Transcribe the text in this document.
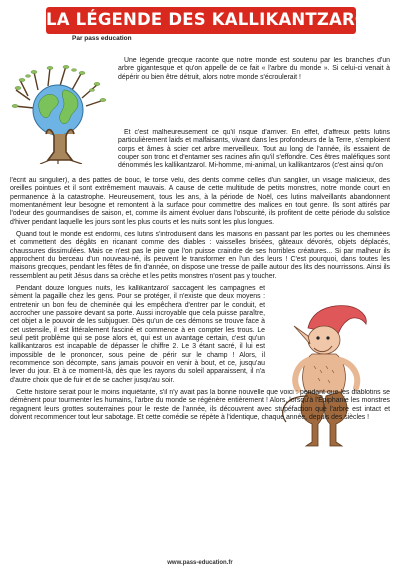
LA LÉGENDE DES KALLIKANTZAROÏ
Par pass education

Une légende grecque raconte que notre monde est soutenu par les branches d'un arbre gigantesque et qu'on appelle de ce fait « l'arbre du monde ». Si celui-ci venait à dépérir ou bien être détruit, alors notre monde s'écroulerait !

Et c'est malheureusement ce qu'il risque d'arriver. En effet, d'affreux petits lutins particulièrement laids et malfaisants, vivant dans les profondeurs de la Terre, s'emploient corps et âmes à scier cet arbre merveilleux. Tout au long de l'année, ils essaient de couper son tronc et d'entamer ses racines afin qu'il s'effondre. Ces êtres maléfiques sont dénommés les kallikantzaroï. Mi-homme, mi-animal, un kallikantzaros (c'est ainsi qu'on

l'écrit au singulier), a des pattes de bouc, le torse velu, des dents comme celles d'un sanglier, un visage malicieux, des oreilles pointues et il sont extrêmement mauvais. A cause de cette multitude de petits monstres, notre monde court en permanence à la catastrophe. Heureusement, tous les ans, à la période de Noël, ces lutins malveillants abandonnent momentanément leur besogne et remontent à la surface pour commettre des malices en tout genre. Ils sont attirés par l'odeur des gourmandises de saison, et, comme ils aiment évoluer dans l'obscurité, ils profitent de cette période du solstice d'hiver pendant laquelle les jours sont les plus courts et les nuits sont les plus longues.

www.pass-education.fr

Quand tout le monde est endormi, ces lutins s'introduisent dans les maisons en passant par les portes ou les cheminées et commettent des dégâts en ricanant comme des diables : vaisselles brisées, gâteaux dévorés, objets déplacés, chaussures dissimulées. Mais ce n'est pas le pire que l'on puisse craindre de ses horribles créatures... Si par malheur ils approchent du berceau d'un nouveau-né, ils peuvent le transformer en l'un des leurs ! C'est pourquoi, dans toutes les maisons grecques, pendant les fêtes de fin d'année, on dispose une tresse de paille autour des lits des nourrissons. Ainsi ils ressemblent au petit Jésus dans sa crèche et les petits monstres n'osent pas y toucher.

Pendant douze longues nuits, les kallikantzaroï saccagent les campagnes et sèment la pagaille chez les gens. Pour se protéger, il n'existe que deux moyens : entretenir un bon feu de cheminée qui les empêchera d'entrer par le conduit, et accrocher une passoire devant sa porte. Aussi incroyable que cela puisse paraître, cet objet a le pouvoir de les subjuguer. Dès qu'un de ces démons se trouve face à cet ustensile, il est littéralement fasciné et commence à en compter les trous. Le seul petit problème qui se pose alors et, qui est un avantage certain, c'est qu'un kallikantzaros est incapable de dépasser le chiffre 2. Le 3 étant sacré, il lui est impossible de le prononcer, sous peine de périr sur le champ ! Alors, il recommence son décompte, sans jamais pouvoir en venir à bout, et ce, jusqu'au lever du jour. Et à ce moment-là, dès que les rayons du soleil apparaissent, il n'a d'autre choix que de fuir et de se cacher jusqu'au soir.

Cette histoire serait pour le moins inquiétante, s'il n'y avait pas la bonne nouvelle que voici : pendant que les diablotins se démènent pour tourmenter les humains, l'arbre du monde se régénère entièrement ! Alors, lorsqu'à l'Épiphanie les monstres regagnent leurs grottes souterraines pour le reste de l'année, ils découvrent avec stupéfaction que l'arbre est intact et doivent recommencer tout leur sabotage. Et cette comédie se répète à l'identique, chaque année, depuis des siècles !
